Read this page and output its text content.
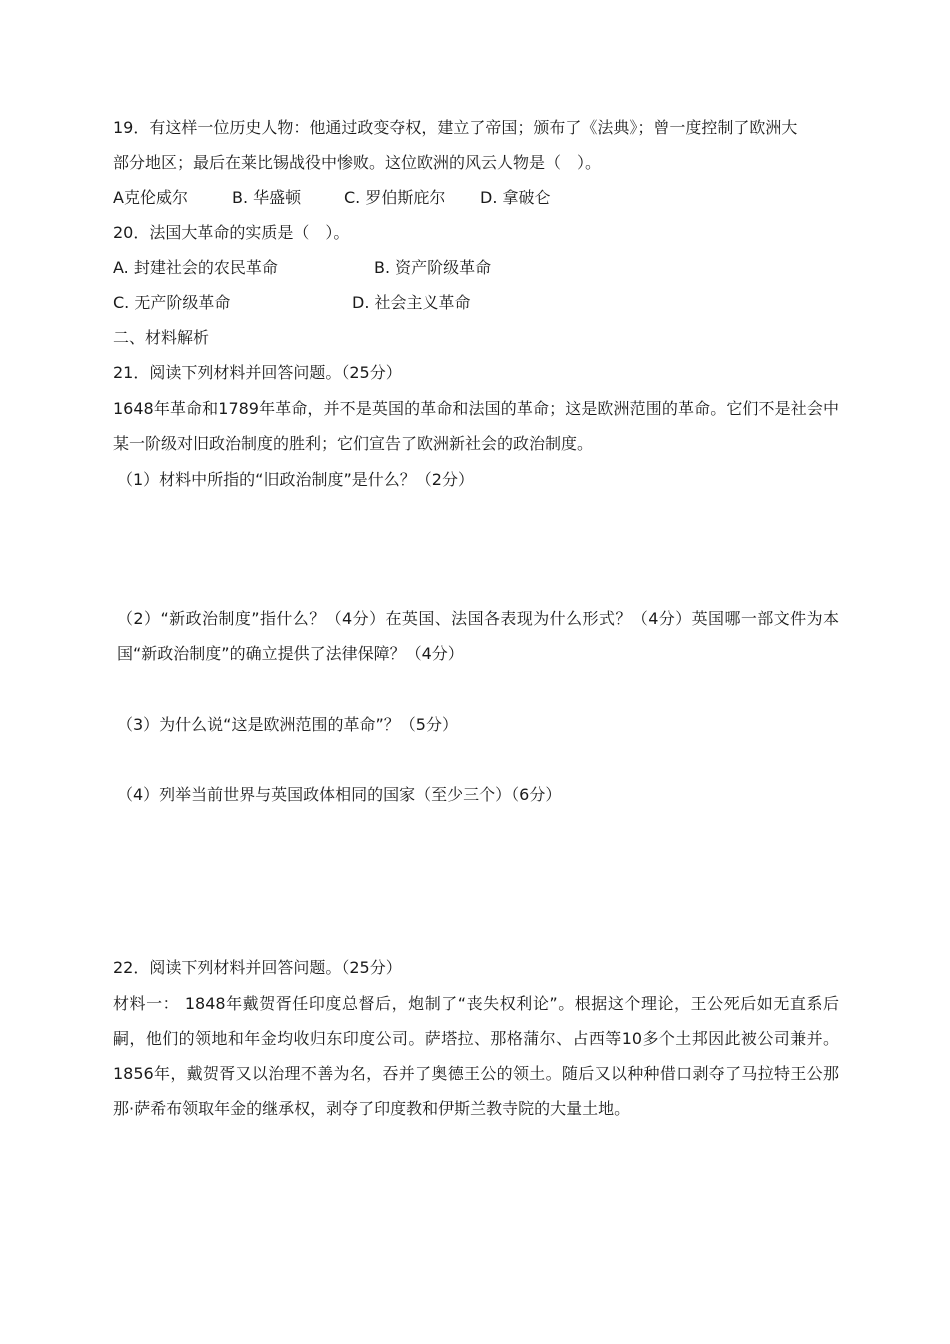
19．有这样一位历史人物：他通过政变夺权，建立了帝国；颁布了《法典》；曾一度控制了欧洲大
部分地区；最后在莱比锡战役中惨败。这位欧洲的风云人物是（　）。
A克伦威尔	B. 华盛顿	C. 罗伯斯庇尔 D. 拿破仑
20．法国大革命的实质是（　）。
A. 封建社会的农民革命	B. 资产阶级革命
C. 无产阶级革命	D. 社会主义革命
二、材料解析
21．阅读下列材料并回答问题。（25分）
1648年革命和1789年革命，并不是英国的革命和法国的革命；这是欧洲范围的革命。它们不是社会中某一阶级对旧政治制度的胜利；它们宣告了欧洲新社会的政治制度。
（1）材料中所指的“旧政治制度”是什么？（2分）
（2）“新政治制度”指什么？（4分）在英国、法国各表现为什么形式？（4分）英国哪一部文件为本国“新政治制度”的确立提供了法律保障？（4分）
（3）为什么说“这是欧洲范围的革命”？（5分）
（4）列举当前世界与英国政体相同的国家（至少三个）（6分）
22．阅读下列材料并回答问题。（25分）
材料一： 1848年戴贺胥任印度总督后，炮制了“丧失权利论”。根据这个理论，王公死后如无直系后嗣，他们的领地和年金均收归东印度公司。萨塔拉、那格蒲尔、占西等10多个土邦因此被公司兼并。1856年，戴贺胥又以治理不善为名，吞并了奥德王公的领土。随后又以种种借口剥夺了马拉特王公那那·萨希布领取年金的继承权，剥夺了印度教和伊斯兰教寺院的大量土地。
